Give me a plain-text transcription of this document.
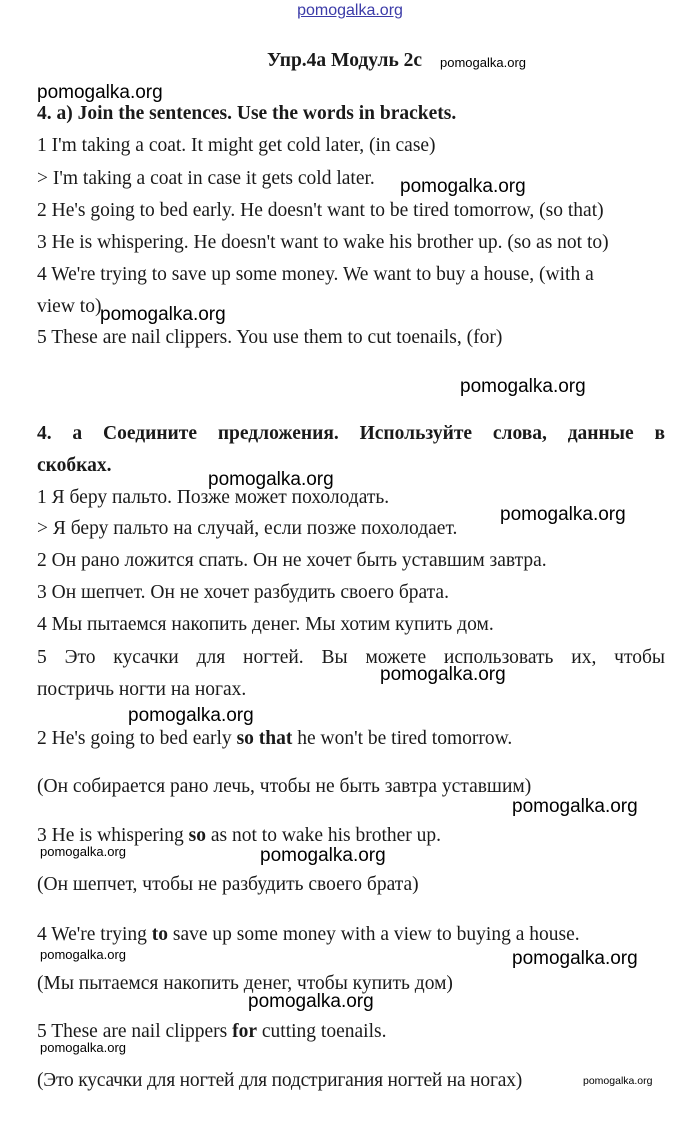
pomogalka.org
Упр.4а Модуль 2с
4. a) Join the sentences. Use the words in brackets.
1 I'm taking a coat. It might get cold later, (in case)
> I'm taking a coat in case it gets cold later.
2 He's going to bed early. He doesn't want to be tired tomorrow, (so that)
3 He is whispering. He doesn't want to wake his brother up. (so as not to)
4 We're trying to save up some money. We want to buy a house, (with a
view to)
5 These are nail clippers. You use them to cut toenails, (for)
4. а Соедините предложения. Используйте слова, данные в
скобках.
1 Я беру пальто. Позже может похолодать.
> Я беру пальто на случай, если позже похолодает.
2 Он рано ложится спать. Он не хочет быть уставшим завтра.
3 Он шепчет. Он не хочет разбудить своего брата.
4 Мы пытаемся накопить денег. Мы хотим купить дом.
5 Это кусачки для ногтей. Вы можете использовать их, чтобы
постричь ногти на ногах.
2 He's going to bed early so that he won't be tired tomorrow.
(Он собирается рано лечь, чтобы не быть завтра уставшим)
3 He is whispering so as not to wake his brother up.
(Он шепчет, чтобы не разбудить своего брата)
4 We're trying to save up some money with a view to buying a house.
(Мы пытаемся накопить денег, чтобы купить дом)
5 These are nail clippers for cutting toenails.
(Это кусачки для ногтей для подстригания ногтей на ногах)
pomogalka.org
pomogalka.org
pomogalka.org
pomogalka.org
pomogalka.org
pomogalka.org
pomogalka.org
pomogalka.org
pomogalka.org
pomogalka.org
pomogalka.org	pomogalka.org
pomogalka.org	pomogalka.org
pomogalka.org
pomogalka.org
pomogalka.org
